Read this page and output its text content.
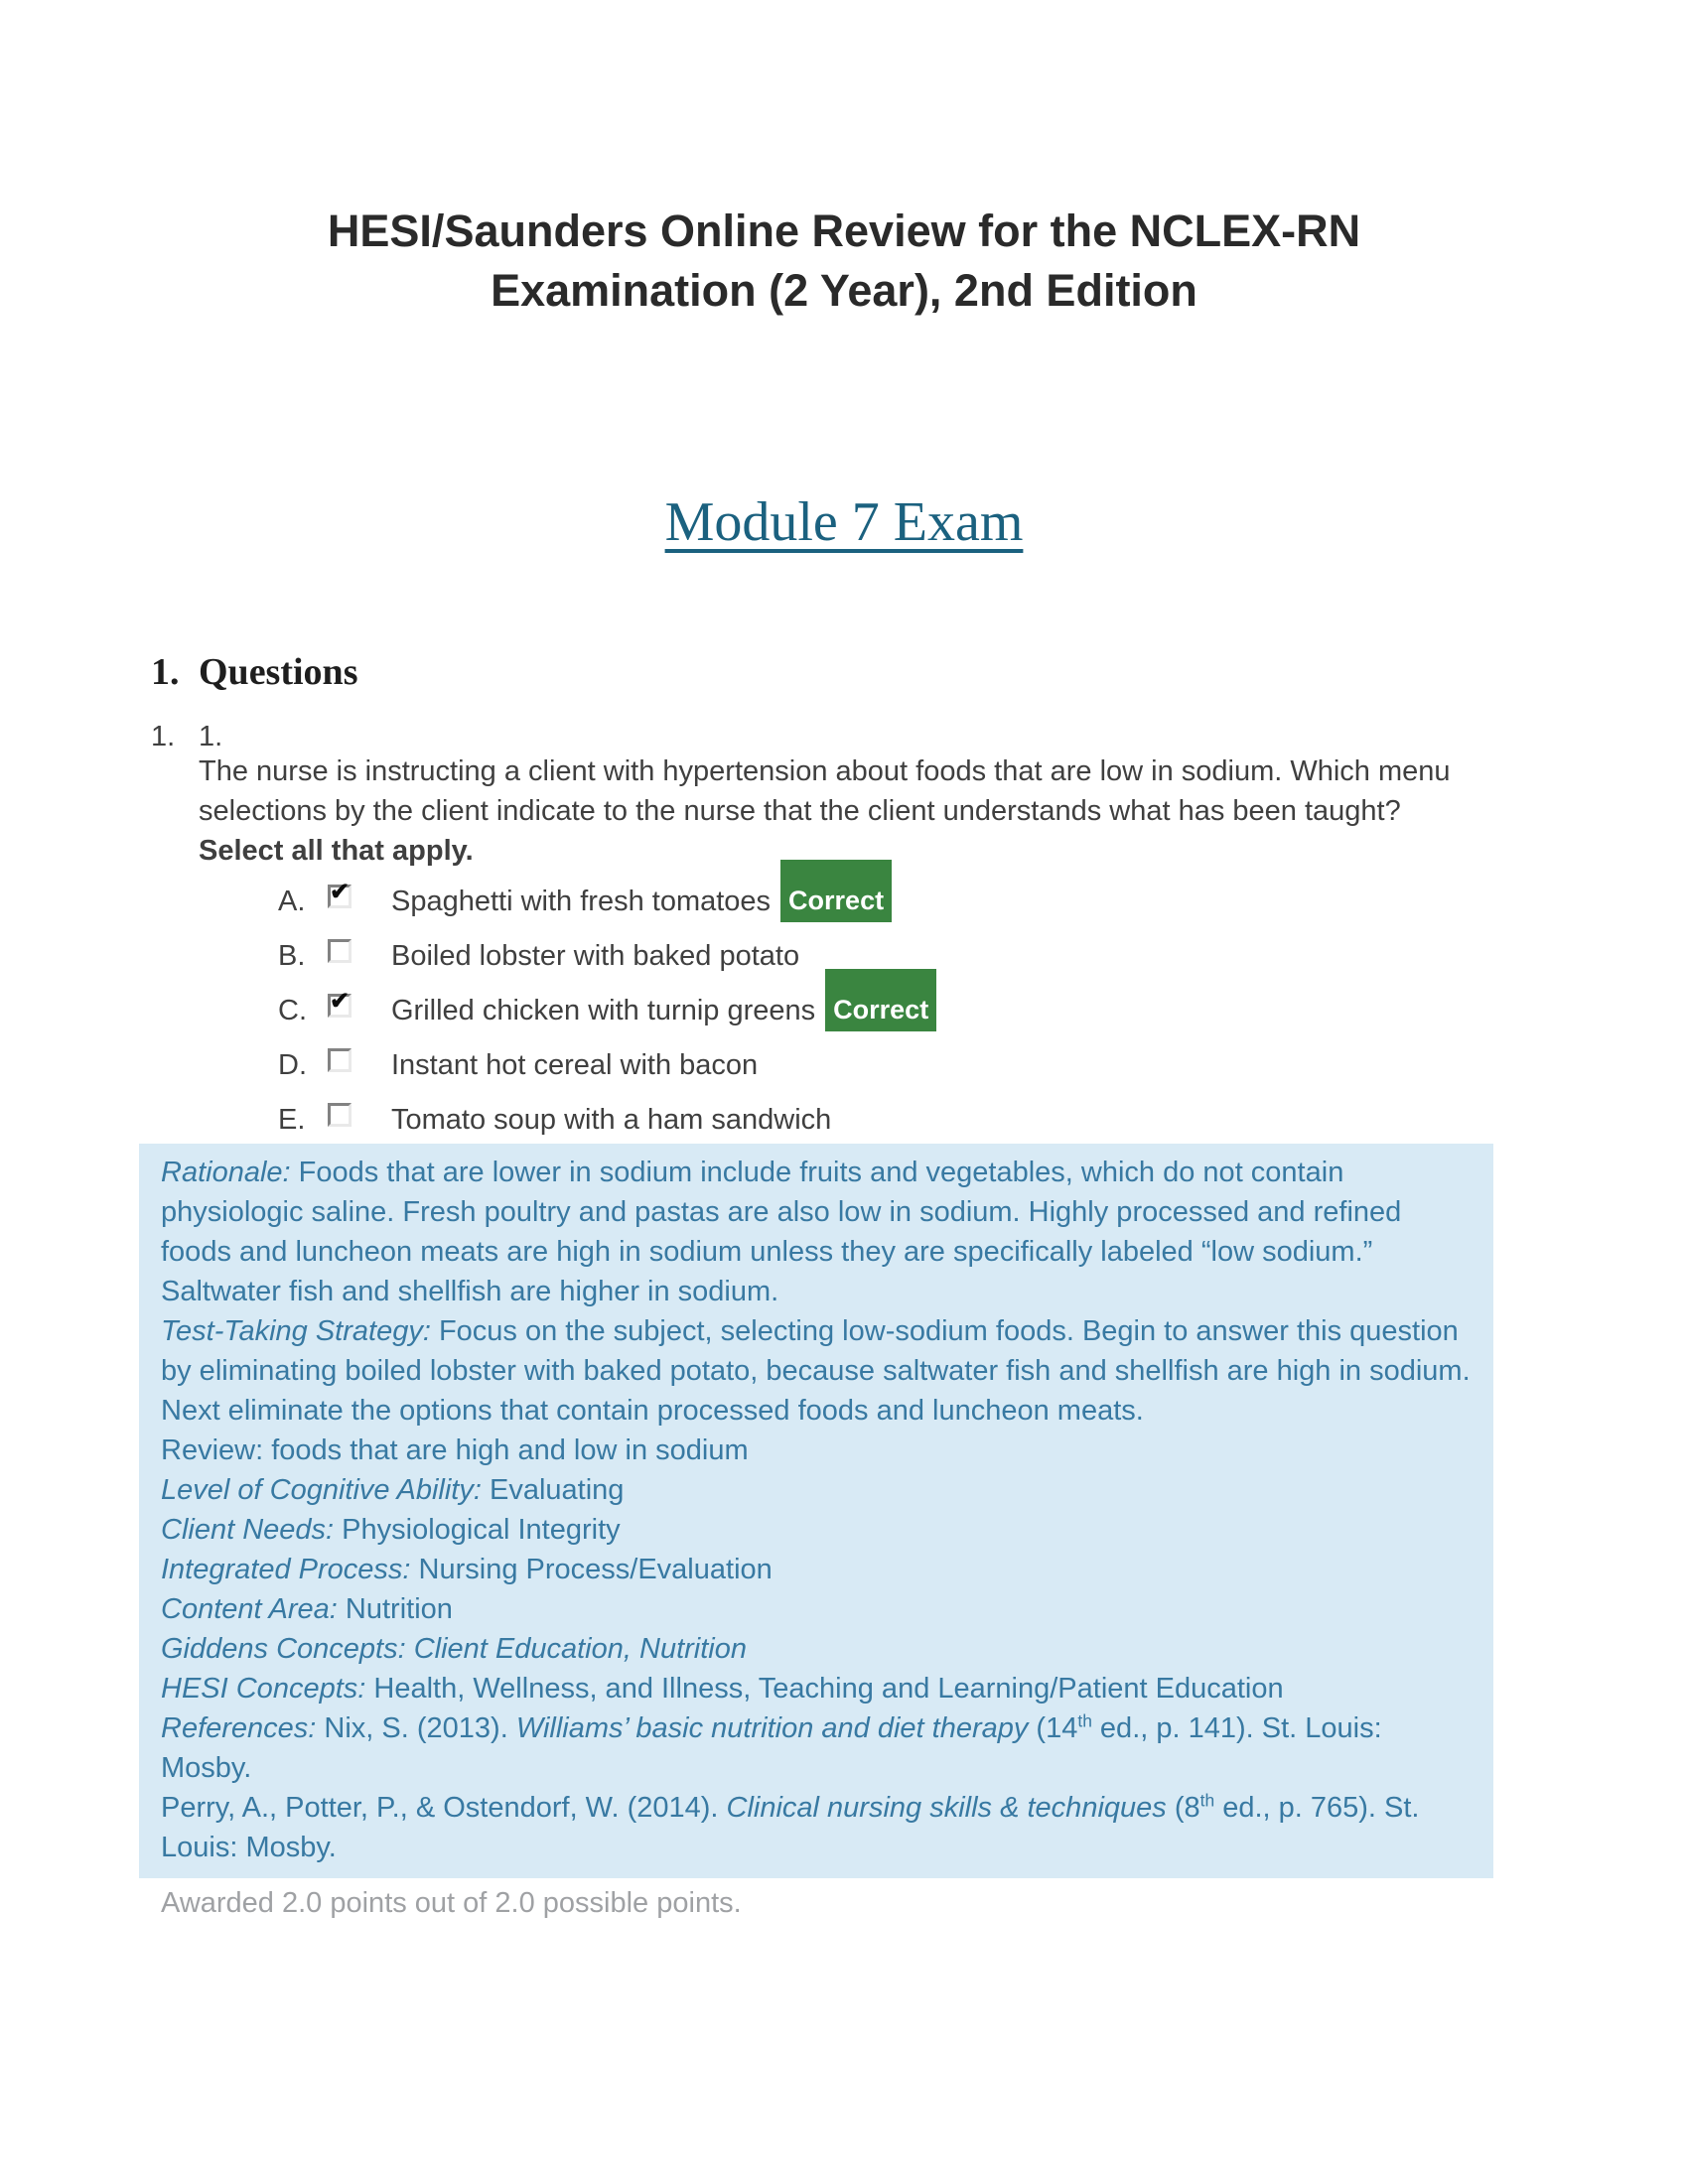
HESI/Saunders Online Review for the NCLEX-RN
Examination (2 Year), 2nd Edition
Module 7 Exam
1. Questions
1. 1.
The nurse is instructing a client with hypertension about foods that are low in sodium. Which menu selections by the client indicate to the nurse that the client understands what has been taught? Select all that apply.
A.	✔ Spaghetti with fresh tomatoes Correct
B.	Boiled lobster with baked potato
C. ✔ Grilled chicken with turnip greens Correct
D.	Instant hot cereal with bacon
E.	Tomato soup with a ham sandwich
Rationale: Foods that are lower in sodium include fruits and vegetables, which do not contain physiologic saline. Fresh poultry and pastas are also low in sodium. Highly processed and refined foods and luncheon meats are high in sodium unless they are specifically labeled “low sodium.” Saltwater fish and shellfish are higher in sodium.
Test-Taking Strategy: Focus on the subject, selecting low-sodium foods. Begin to answer this question by eliminating boiled lobster with baked potato, because saltwater fish and shellfish are high in sodium. Next eliminate the options that contain processed foods and luncheon meats.
Review: foods that are high and low in sodium
Level of Cognitive Ability: Evaluating
Client Needs: Physiological Integrity
Integrated Process: Nursing Process/Evaluation
Content Area: Nutrition
Giddens Concepts: Client Education, Nutrition
HESI Concepts: Health, Wellness, and Illness, Teaching and Learning/Patient Education
References: Nix, S. (2013). Williams’ basic nutrition and diet therapy (14th ed., p. 141). St. Louis: Mosby.
Perry, A., Potter, P., & Ostendorf, W. (2014). Clinical nursing skills & techniques (8th ed., p. 765). St. Louis: Mosby.
Awarded 2.0 points out of 2.0 possible points.
